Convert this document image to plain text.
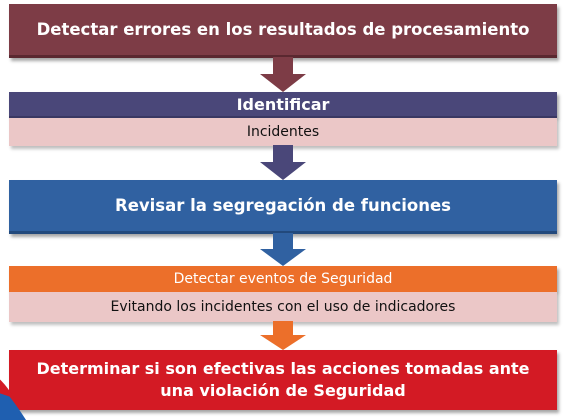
Detectar errores en los resultados de procesamiento
Identificar
Incidentes
Revisar la segregación de funciones
Detectar eventos de Seguridad
Evitando los incidentes con el uso de indicadores
Determinar si son efectivas las acciones tomadas ante una violación de Seguridad
